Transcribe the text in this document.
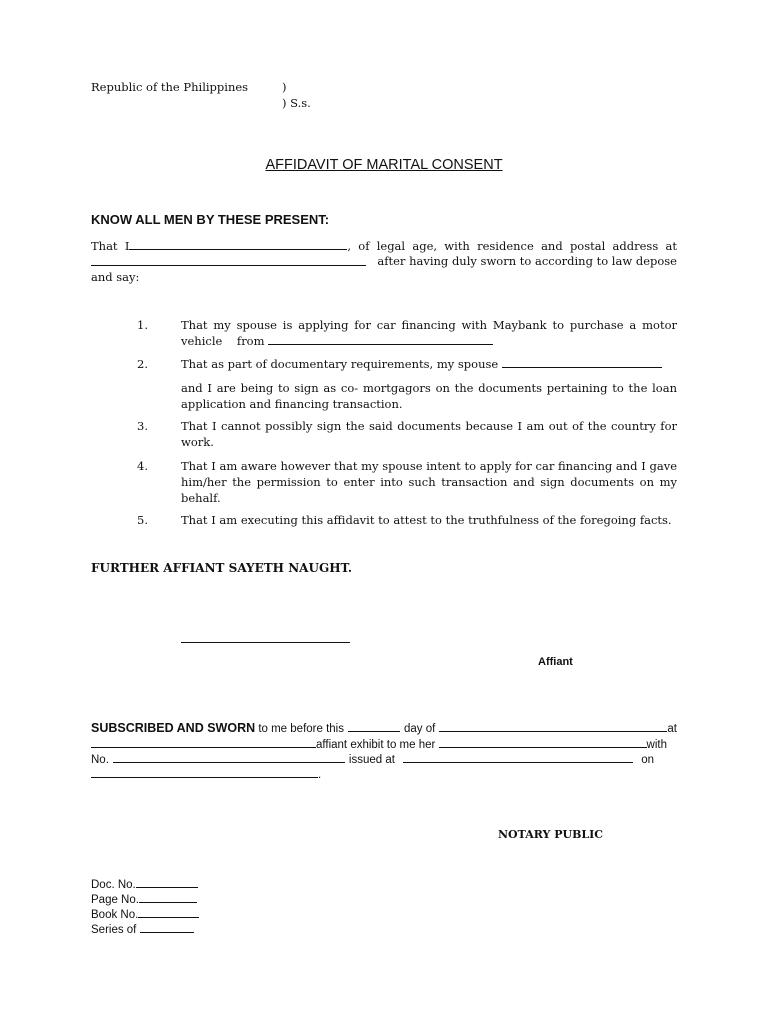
Republic of the Philippines	)
) S.s.
AFFIDAVIT OF MARITAL CONSENT
KNOW ALL MEN BY THESE PRESENT:
That I	, of legal age, with residence and postal address at
after having duly sworn to according to law depose
and say:
1.	That my spouse is applying for car financing with Maybank to purchase a motor

vehicle    from

2.	That as part of documentary requirements, my spouse

and I are being to sign as co- mortgagors on the documents pertaining to the loan application and financing transaction.
3.	That I cannot possibly sign the said documents because I am out of the country for work.
4.	That I am aware however that my spouse intent to apply for car financing and I gave him/her the permission to enter into such transaction and sign documents on my behalf.
5.	That I am executing this affidavit to attest to the truthfulness of the foregoing facts.
FURTHER AFFIANT SAYETH NAUGHT.
Affiant
SUBSCRIBED AND SWORN to me before this	day of	at
affiant exhibit to me her	with
No.	issued at	on
.
NOTARY PUBLIC
Doc. No.
Page No.
Book No.
Series of
